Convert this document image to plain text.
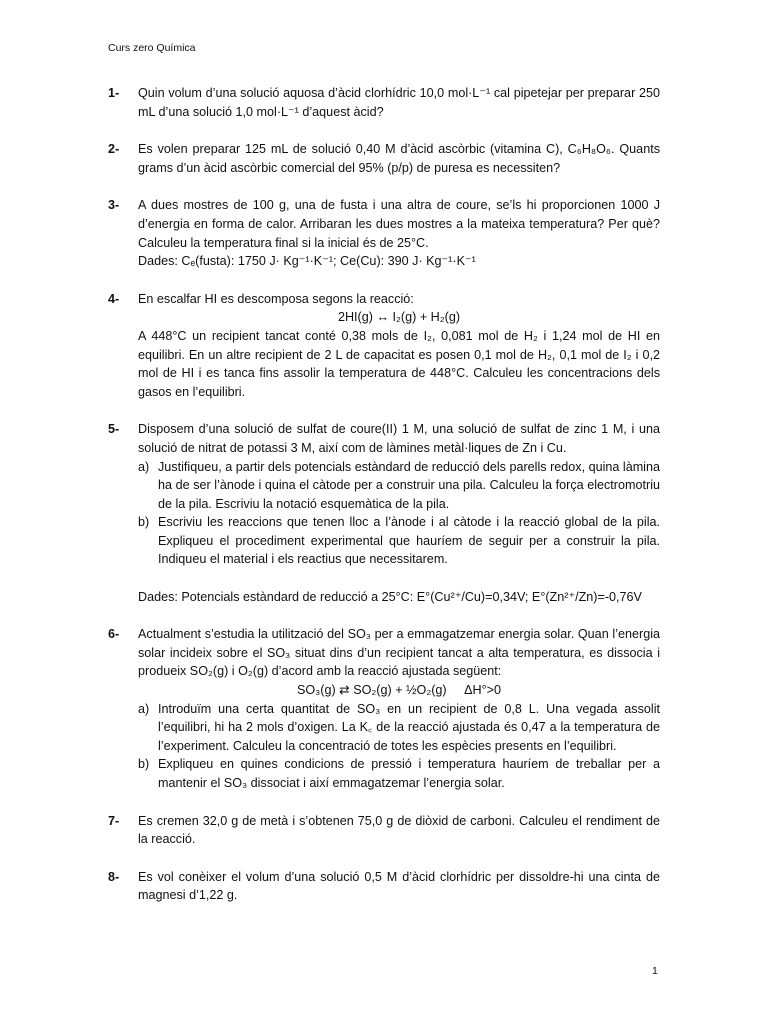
Curs zero Química
1-	Quin volum d’una solució aquosa d’àcid clorhídric 10,0 mol·L⁻¹ cal pipetejar per preparar 250 mL d’una solució 1,0 mol·L⁻¹ d’aquest àcid?
2-	Es volen preparar 125 mL de solució 0,40 M d’àcid ascòrbic (vitamina C), C₆H₈O₆. Quants grams d’un àcid ascòrbic comercial del 95% (p/p) de puresa es necessiten?
3-	A dues mostres de 100 g, una de fusta i una altra de coure, se’ls hi proporcionen 1000 J d’energia en forma de calor. Arribaran les dues mostres a la mateixa temperatura? Per què? Calculeu la temperatura final si la inicial és de 25°C.
Dades: Cₑ(fusta): 1750 J· Kg⁻¹·K⁻¹; Ce(Cu): 390 J· Kg⁻¹·K⁻¹
4-	En escalfar HI es descomposa segons la reacció:
2HI(g) ↔ I₂(g) + H₂(g)
A 448°C un recipient tancat conté 0,38 mols de I₂, 0,081 mol de H₂ i 1,24 mol de HI en equilibri. En un altre recipient de 2 L de capacitat es posen 0,1 mol de H₂, 0,1 mol de I₂ i 0,2 mol de HI i es tanca fins assolir la temperatura de 448°C. Calculeu les concentracions dels gasos en l’equilibri.
5-	Disposem d’una solució de sulfat de coure(II) 1 M, una solució de sulfat de zinc 1 M, i una solució de nitrat de potassi 3 M, així com de làmines metàl·liques de Zn i Cu.
a) Justifiqueu, a partir dels potencials estàndard de reducció dels parells redox, quina làmina ha de ser l’ànode i quina el càtode per a construir una pila. Calculeu la força electromotriu de la pila. Escriviu la notació esquemàtica de la pila.
b) Escriviu les reaccions que tenen lloc a l’ànode i al càtode i la reacció global de la pila. Expliqueu el procediment experimental que hauríem de seguir per a construir la pila. Indiqueu el material i els reactius que necessitarem.
Dades: Potencials estàndard de reducció a 25°C: E°(Cu²⁺/Cu)=0,34V; E°(Zn²⁺/Zn)=-0,76V
6-	Actualment s’estudia la utilització del SO₃ per a emmagatzemar energia solar. Quan l’energia solar incideix sobre el SO₃ situat dins d’un recipient tancat a alta temperatura, es dissocia i produeix SO₂(g) i O₂(g) d’acord amb la reacció ajustada següent:
SO₃(g) ⇄ SO₂(g) + ½O₂(g)     ΔH°>0
a) Introduïm una certa quantitat de SO₃ en un recipient de 0,8 L. Una vegada assolit l’equilibri, hi ha 2 mols d’oxigen. La K꜀ de la reacció ajustada és 0,47 a la temperatura de l’experiment. Calculeu la concentració de totes les espècies presents en l’equilibri.
b) Expliqueu en quines condicions de pressió i temperatura hauríem de treballar per a mantenir el SO₃ dissociat i així emmagatzemar l’energia solar.
7-	Es cremen 32,0 g de metà i s’obtenen 75,0 g de diòxid de carboni. Calculeu el rendiment de la reacció.
8-	Es vol conèixer el volum d’una solució 0,5 M d’àcid clorhídric per dissoldre-hi una cinta de magnesi d’1,22 g.
1
